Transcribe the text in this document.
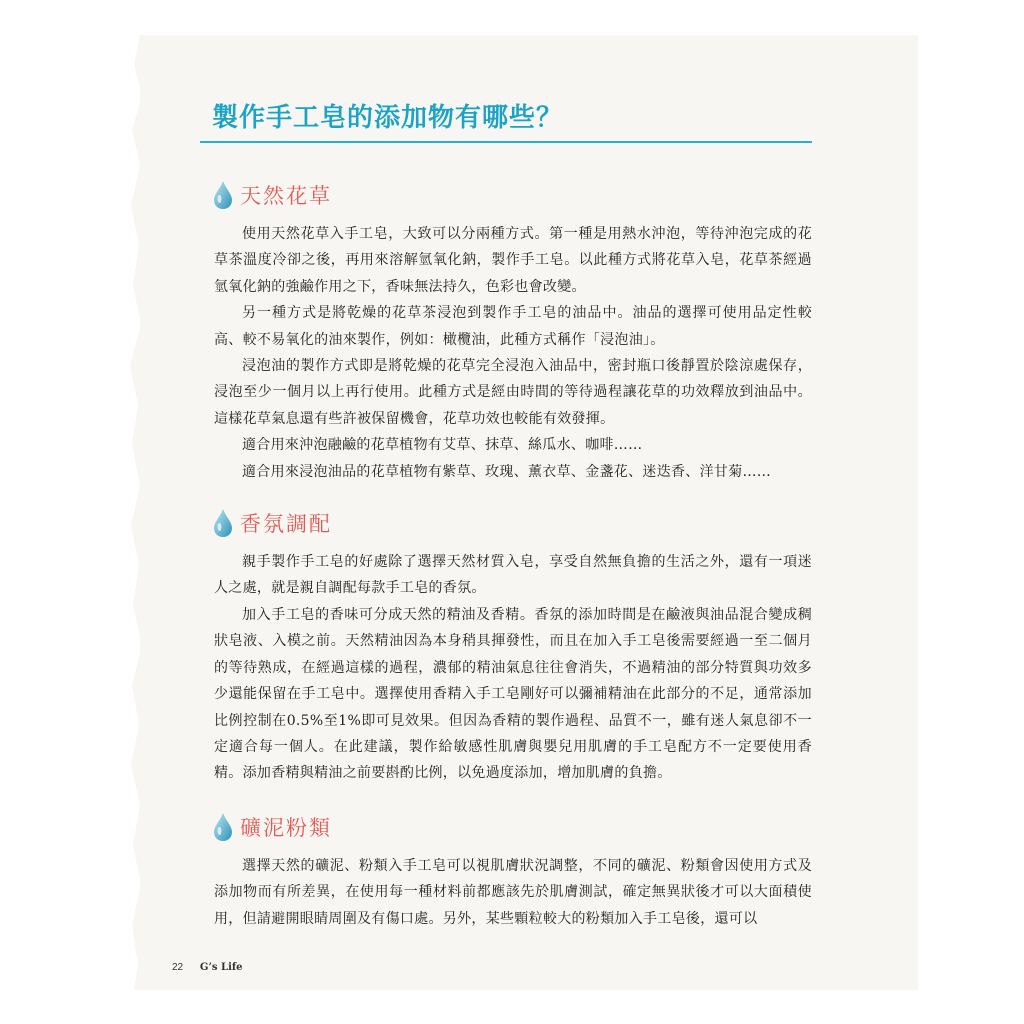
製作手工皂的添加物有哪些？
天然花草

使用天然花草入手工皂，大致可以分兩種方式。第一種是用熱水沖泡，等待沖泡完成的花草茶溫度冷卻之後，再用來溶解氫氧化鈉，製作手工皂。以此種方式將花草入皂，花草茶經過氫氧化鈉的強鹼作用之下，香味無法持久，色彩也會改變。

另一種方式是將乾燥的花草茶浸泡到製作手工皂的油品中。油品的選擇可使用品定性較高、較不易氧化的油來製作，例如：橄欖油，此種方式稱作「浸泡油」。

浸泡油的製作方式即是將乾燥的花草完全浸泡入油品中，密封瓶口後靜置於陰涼處保存，浸泡至少一個月以上再行使用。此種方式是經由時間的等待過程讓花草的功效釋放到油品中。這樣花草氣息還有些許被保留機會，花草功效也較能有效發揮。

適合用來沖泡融鹼的花草植物有艾草、抹草、絲瓜水、咖啡……

適合用來浸泡油品的花草植物有紫草、玫瑰、薰衣草、金盞花、迷迭香、洋甘菊……

香氛調配

親手製作手工皂的好處除了選擇天然材質入皂，享受自然無負擔的生活之外，還有一項迷人之處，就是親自調配每款手工皂的香氛。

加入手工皂的香味可分成天然的精油及香精。香氛的添加時間是在鹼液與油品混合變成稠狀皂液、入模之前。天然精油因為本身稍具揮發性，而且在加入手工皂後需要經過一至二個月的等待熟成，在經過這樣的過程，濃郁的精油氣息往往會消失，不過精油的部分特質與功效多少還能保留在手工皂中。選擇使用香精入手工皂剛好可以彌補精油在此部分的不足，通常添加比例控制在0.5%至1%即可見效果。但因為香精的製作過程、品質不一，雖有迷人氣息卻不一定適合每一個人。在此建議，製作給敏感性肌膚與嬰兒用肌膚的手工皂配方不一定要使用香精。添加香精與精油之前要斟酌比例，以免過度添加，增加肌膚的負擔。

礦泥粉類

選擇天然的礦泥、粉類入手工皂可以視肌膚狀況調整，不同的礦泥、粉類會因使用方式及添加物而有所差異，在使用每一種材料前都應該先於肌膚測試，確定無異狀後才可以大面積使用，但請避開眼睛周圍及有傷口處。另外，某些顆粒較大的粉類加入手工皂後，還可以

22 G’s Life
